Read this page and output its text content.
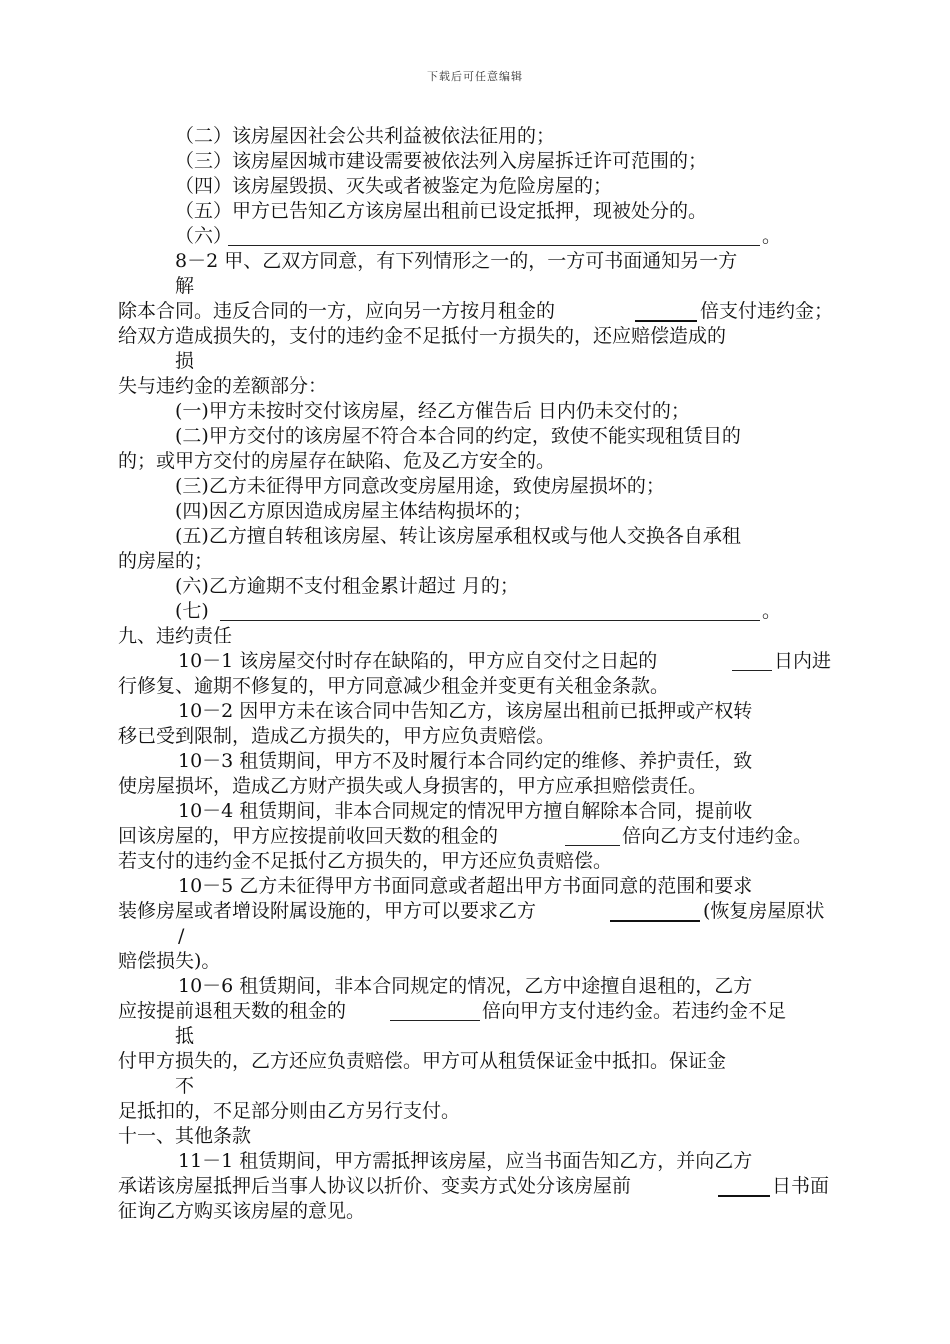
下载后可任意编辑
（二）该房屋因社会公共利益被依法征用的；
（三）该房屋因城市建设需要被依法列入房屋拆迁许可范围的；
（四）该房屋毁损、灭失或者被鉴定为危险房屋的；
（五）甲方已告知乙方该房屋出租前已设定抵押，现被处分的。
（六）	。
8－2 甲、乙双方同意，有下列情形之一的，一方可书面通知另一方
解
除本合同。违反合同的一方，应向另一方按月租金的	倍支付违约金；
给双方造成损失的，支付的违约金不足抵付一方损失的，还应赔偿造成的
损
失与违约金的差额部分：
(一)甲方未按时交付该房屋，经乙方催告后 日内仍未交付的；
(二)甲方交付的该房屋不符合本合同的约定，致使不能实现租赁目的
的；或甲方交付的房屋存在缺陷、危及乙方安全的。
(三)乙方未征得甲方同意改变房屋用途，致使房屋损坏的；
(四)因乙方原因造成房屋主体结构损坏的；
(五)乙方擅自转租该房屋、转让该房屋承租权或与他人交换各自承租
的房屋的；
(六)乙方逾期不支付租金累计超过 月的；
(七)	。
九、违约责任
10－1 该房屋交付时存在缺陷的，甲方应自交付之日起的	日内进
行修复、逾期不修复的，甲方同意减少租金并变更有关租金条款。
10－2 因甲方未在该合同中告知乙方，该房屋出租前已抵押或产权转
移已受到限制，造成乙方损失的，甲方应负责赔偿。
10－3 租赁期间，甲方不及时履行本合同约定的维修、养护责任，致
使房屋损坏，造成乙方财产损失或人身损害的，甲方应承担赔偿责任。
10－4 租赁期间，非本合同规定的情况甲方擅自解除本合同，提前收
回该房屋的，甲方应按提前收回天数的租金的	倍向乙方支付违约金。
若支付的违约金不足抵付乙方损失的，甲方还应负责赔偿。
10－5 乙方未征得甲方书面同意或者超出甲方书面同意的范围和要求
装修房屋或者增设附属设施的，甲方可以要求乙方	(恢复房屋原状
/
赔偿损失)。
10－6 租赁期间，非本合同规定的情况，乙方中途擅自退租的，乙方
应按提前退租天数的租金的	倍向甲方支付违约金。若违约金不足
抵
付甲方损失的，乙方还应负责赔偿。甲方可从租赁保证金中抵扣。保证金
不
足抵扣的，不足部分则由乙方另行支付。
十一、其他条款
11－1 租赁期间，甲方需抵押该房屋，应当书面告知乙方，并向乙方
承诺该房屋抵押后当事人协议以折价、变卖方式处分该房屋前	日书面
征询乙方购买该房屋的意见。
